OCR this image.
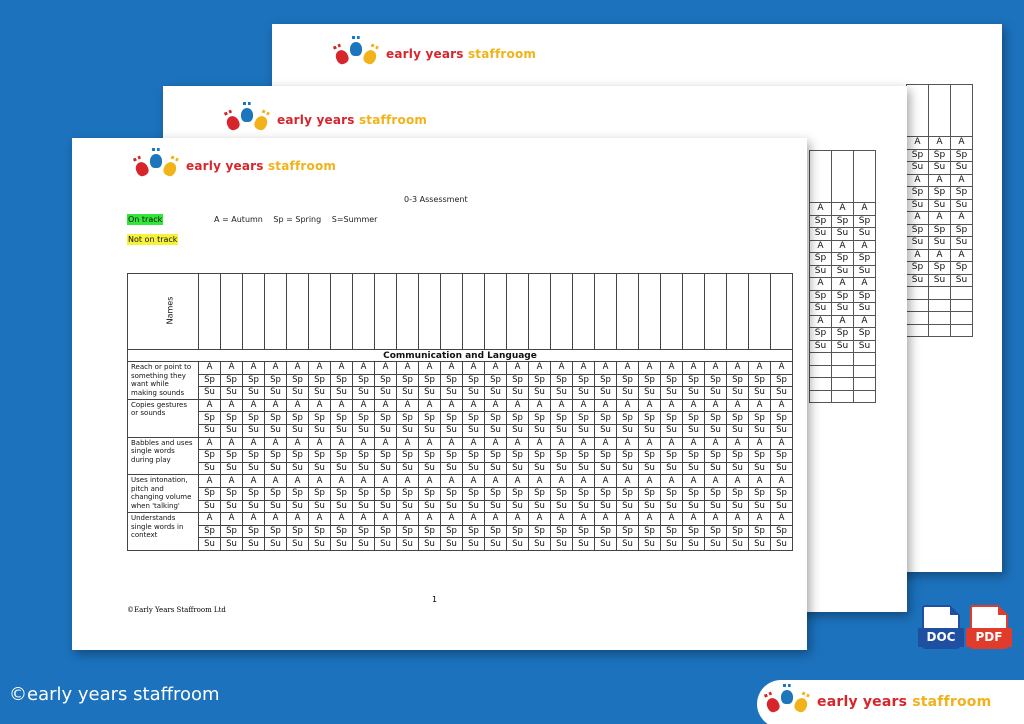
early years staffroom

A	A	A
Sp	Sp	Sp
Su	Su	Su
A	A	A
Sp	Sp	Sp
Su	Su	Su
A	A	A
Sp	Sp	Sp
Su	Su	Su
A	A	A
Sp	Sp	Sp
Su	Su	Su

early years staffroom

A	A	A
Sp	Sp	Sp
Su	Su	Su
A	A	A
Sp	Sp	Sp
Su	Su	Su
A	A	A
Sp	Sp	Sp
Su	Su	Su
A	A	A
Sp	Sp	Sp
Su	Su	Su

early years staffroom
0-3 Assessment
On track
Not on track
A = Autumn Sp = Spring S=Summer
Names																											

Communication and Language																											
Reach or point to something they want while making sounds	A	A	A	A	A	A	A	A	A	A	A	A	A	A	A	A	A	A	A	A	A	A	A	A	A	A	A
	Sp	Sp	Sp	Sp	Sp	Sp	Sp	Sp	Sp	Sp	Sp	Sp	Sp	Sp	Sp	Sp	Sp	Sp	Sp	Sp	Sp	Sp	Sp	Sp	Sp	Sp	Sp
	Su	Su	Su	Su	Su	Su	Su	Su	Su	Su	Su	Su	Su	Su	Su	Su	Su	Su	Su	Su	Su	Su	Su	Su	Su	Su	Su
Copies gestures or sounds	A	A	A	A	A	A	A	A	A	A	A	A	A	A	A	A	A	A	A	A	A	A	A	A	A	A	A
	Sp	Sp	Sp	Sp	Sp	Sp	Sp	Sp	Sp	Sp	Sp	Sp	Sp	Sp	Sp	Sp	Sp	Sp	Sp	Sp	Sp	Sp	Sp	Sp	Sp	Sp	Sp
	Su	Su	Su	Su	Su	Su	Su	Su	Su	Su	Su	Su	Su	Su	Su	Su	Su	Su	Su	Su	Su	Su	Su	Su	Su	Su	Su
Babbles and uses single words during play	A	A	A	A	A	A	A	A	A	A	A	A	A	A	A	A	A	A	A	A	A	A	A	A	A	A	A
	Sp	Sp	Sp	Sp	Sp	Sp	Sp	Sp	Sp	Sp	Sp	Sp	Sp	Sp	Sp	Sp	Sp	Sp	Sp	Sp	Sp	Sp	Sp	Sp	Sp	Sp	Sp
	Su	Su	Su	Su	Su	Su	Su	Su	Su	Su	Su	Su	Su	Su	Su	Su	Su	Su	Su	Su	Su	Su	Su	Su	Su	Su	Su
Uses intonation, pitch and changing volume when 'talking'	A	A	A	A	A	A	A	A	A	A	A	A	A	A	A	A	A	A	A	A	A	A	A	A	A	A	A
	Sp	Sp	Sp	Sp	Sp	Sp	Sp	Sp	Sp	Sp	Sp	Sp	Sp	Sp	Sp	Sp	Sp	Sp	Sp	Sp	Sp	Sp	Sp	Sp	Sp	Sp	Sp
	Su	Su	Su	Su	Su	Su	Su	Su	Su	Su	Su	Su	Su	Su	Su	Su	Su	Su	Su	Su	Su	Su	Su	Su	Su	Su	Su
Understands single words in context	A	A	A	A	A	A	A	A	A	A	A	A	A	A	A	A	A	A	A	A	A	A	A	A	A	A	A
	Sp	Sp	Sp	Sp	Sp	Sp	Sp	Sp	Sp	Sp	Sp	Sp	Sp	Sp	Sp	Sp	Sp	Sp	Sp	Sp	Sp	Sp	Sp	Sp	Sp	Sp	Sp
	Su	Su	Su	Su	Su	Su	Su	Su	Su	Su	Su	Su	Su	Su	Su	Su	Su	Su	Su	Su	Su	Su	Su	Su	Su	Su	Su
1
©Early Years Staffroom Ltd
DOC	PDF
©early years staffroom	early years staffroom
